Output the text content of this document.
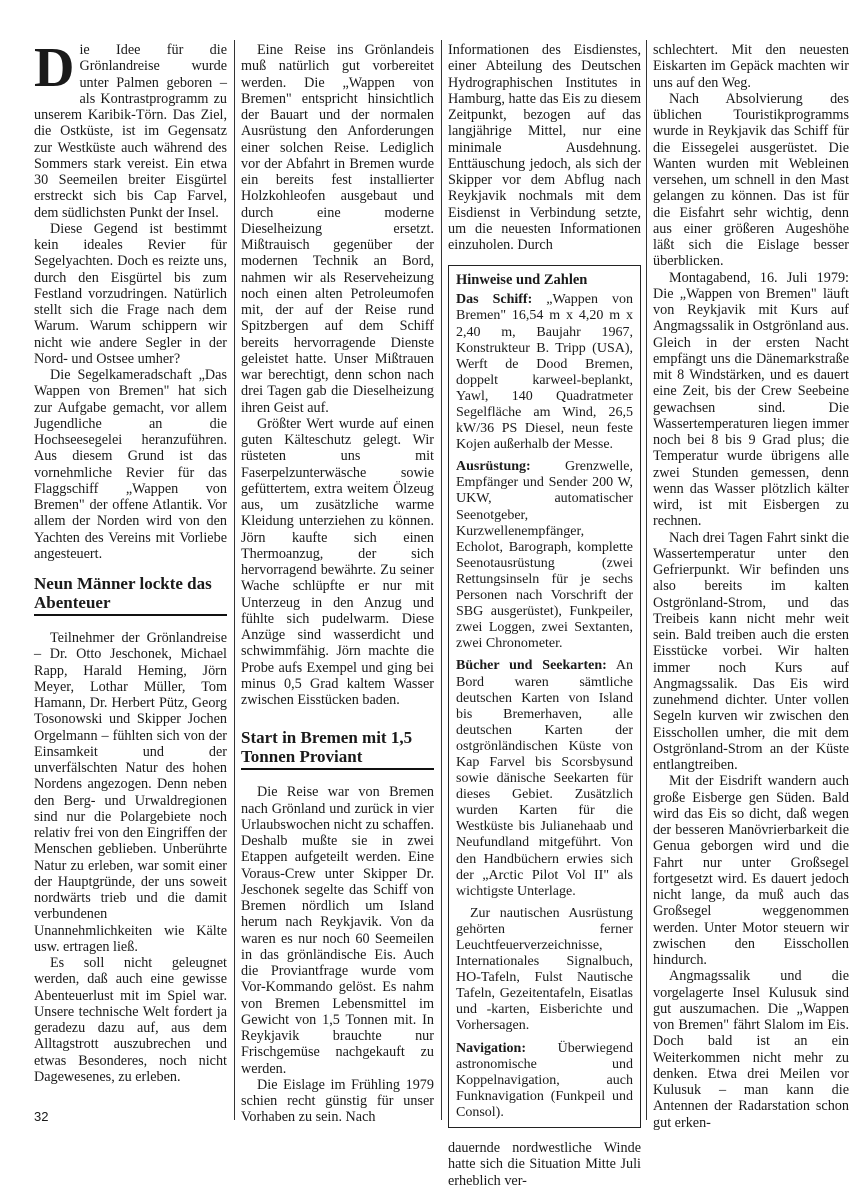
Die Idee für die Grönlandreise wurde unter Palmen geboren – als Kontrastprogramm zu unserem Karibik-Törn. Das Ziel, die Ostküste, ist im Gegensatz zur Westküste auch während des Sommers stark vereist. Ein etwa 30 Seemeilen breiter Eisgürtel erstreckt sich bis Cap Farvel, dem südlichsten Punkt der Insel.

Diese Gegend ist bestimmt kein ideales Revier für Segelyachten. Doch es reizte uns, durch den Eisgürtel bis zum Festland vorzudringen. Natürlich stellt sich die Frage nach dem Warum. Warum schippern wir nicht wie andere Segler in der Nord- und Ostsee umher?

Die Segelkameradschaft „Das Wappen von Bremen" hat sich zur Aufgabe gemacht, vor allem Jugendliche an die Hochseesegelei heranzuführen. Aus diesem Grund ist das vornehmliche Revier für das Flaggschiff „Wappen von Bremen" der offene Atlantik. Vor allem der Norden wird von den Yachten des Vereins mit Vorliebe angesteuert.

Neun Männer lockte das Abenteuer

Teilnehmer der Grönlandreise – Dr. Otto Jeschonek, Michael Rapp, Harald Heming, Jörn Meyer, Lothar Müller, Tom Hamann, Dr. Herbert Pütz, Georg Tosonowski und Skipper Jochen Orgelmann – fühlten sich von der Einsamkeit und der unverfälschten Natur des hohen Nordens angezogen. Denn neben den Berg- und Urwaldregionen sind nur die Polargebiete noch relativ frei von den Eingriffen der Menschen geblieben. Unberührte Natur zu erleben, war somit einer der Hauptgründe, der uns soweit nordwärts trieb und die damit verbundenen Unannehmlichkeiten wie Kälte usw. ertragen ließ.

Es soll nicht geleugnet werden, daß auch eine gewisse Abenteuerlust mit im Spiel war. Unsere technische Welt fordert ja geradezu dazu auf, aus dem Alltagstrott auszubrechen und etwas Besonderes, noch nicht Dagewesenes, zu erleben.

Eine Reise ins Grönlandeis muß natürlich gut vorbereitet werden. Die „Wappen von Bremen" entspricht hinsichtlich der Bauart und der normalen Ausrüstung den Anforderungen einer solchen Reise. Lediglich vor der Abfahrt in Bremen wurde ein bereits fest installierter Holzkohleofen ausgebaut und durch eine moderne Dieselheizung ersetzt. Mißtrauisch gegenüber der modernen Technik an Bord, nahmen wir als Reserveheizung noch einen alten Petroleumofen mit, der auf der Reise rund Spitzbergen auf dem Schiff bereits hervorragende Dienste geleistet hatte. Unser Mißtrauen war berechtigt, denn schon nach drei Tagen gab die Dieselheizung ihren Geist auf.

Größter Wert wurde auf einen guten Kälteschutz gelegt. Wir rüsteten uns mit Faserpelzunterwäsche sowie gefüttertem, extra weitem Ölzeug aus, um zusätzliche warme Kleidung unterziehen zu können. Jörn kaufte sich einen Thermoanzug, der sich hervorragend bewährte. Zu seiner Wache schlüpfte er nur mit Unterzeug in den Anzug und fühlte sich pudelwarm. Diese Anzüge sind wasserdicht und schwimmfähig. Jörn machte die Probe aufs Exempel und ging bei minus 0,5 Grad kaltem Wasser zwischen Eisstücken baden.

Start in Bremen mit 1,5 Tonnen Proviant

Die Reise war von Bremen nach Grönland und zurück in vier Urlaubswochen nicht zu schaffen. Deshalb mußte sie in zwei Etappen aufgeteilt werden. Eine Voraus-Crew unter Skipper Dr. Jeschonek segelte das Schiff von Bremen nördlich um Island herum nach Reykjavik. Von da waren es nur noch 60 Seemeilen in das grönländische Eis. Auch die Proviantfrage wurde vom Vor-Kommando gelöst. Es nahm von Bremen Lebensmittel im Gewicht von 1,5 Tonnen mit. In Reykjavik brauchte nur Frischgemüse nachgekauft zu werden.

Die Eislage im Frühling 1979 schien recht günstig für unser Vorhaben zu sein. Nach

Informationen des Eisdienstes, einer Abteilung des Deutschen Hydrographischen Institutes in Hamburg, hatte das Eis zu diesem Zeitpunkt, bezogen auf das langjährige Mittel, nur eine minimale Ausdehnung. Enttäuschung jedoch, als sich der Skipper vor dem Abflug nach Reykjavik nochmals mit dem Eisdienst in Verbindung setzte, um die neuesten Informationen einzuholen. Durch

Hinweise und Zahlen

Das Schiff: „Wappen von Bremen" 16,54 m x 4,20 m x 2,40 m, Baujahr 1967, Konstrukteur B. Tripp (USA), Werft de Dood Bremen, doppelt karweel-beplankt, Yawl, 140 Quadratmeter Segelfläche am Wind, 26,5 kW/36 PS Diesel, neun feste Kojen außerhalb der Messe.

Ausrüstung: Grenzwelle, Empfänger und Sender 200 W, UKW, automatischer Seenotgeber, Kurzwellenempfänger, Echolot, Barograph, komplette Seenotausrüstung (zwei Rettungsinseln für je sechs Personen nach Vorschrift der SBG ausgerüstet), Funkpeiler, zwei Loggen, zwei Sextanten, zwei Chronometer.

Bücher und Seekarten: An Bord waren sämtliche deutschen Karten von Island bis Bremerhaven, alle deutschen Karten der ostgrönländischen Küste von Kap Farvel bis Scorsbysund sowie dänische Seekarten für dieses Gebiet. Zusätzlich wurden Karten für die Westküste bis Julianehaab und Neufundland mitgeführt. Von den Handbüchern erwies sich der „Arctic Pilot Vol II" als wichtigste Unterlage.

Zur nautischen Ausrüstung gehörten ferner Leuchtfeuerverzeichnisse, Internationales Signalbuch, HO-Tafeln, Fulst Nautische Tafeln, Gezeitentafeln, Eisatlas und -karten, Eisberichte und Vorhersagen.

Navigation: Überwiegend astronomische und Koppelnavigation, auch Funknavigation (Funkpeil und Consol).

dauernde nordwestliche Winde hatte sich die Situation Mitte Juli erheblich ver-

schlechtert. Mit den neuesten Eiskarten im Gepäck machten wir uns auf den Weg.

Nach Absolvierung des üblichen Touristikprogramms wurde in Reykjavik das Schiff für die Eissegelei ausgerüstet. Die Wanten wurden mit Webleinen versehen, um schnell in den Mast gelangen zu können. Das ist für die Eisfahrt sehr wichtig, denn aus einer größeren Augeshöhe läßt sich die Eislage besser überblicken.

Montagabend, 16. Juli 1979: Die „Wappen von Bremen" läuft von Reykjavik mit Kurs auf Angmagssalik in Ostgrönland aus. Gleich in der ersten Nacht empfängt uns die Dänemarkstraße mit 8 Windstärken, und es dauert eine Zeit, bis der Crew Seebeine gewachsen sind. Die Wassertemperaturen liegen immer noch bei 8 bis 9 Grad plus; die Temperatur wurde übrigens alle zwei Stunden gemessen, denn wenn das Wasser plötzlich kälter wird, ist mit Eisbergen zu rechnen.

Nach drei Tagen Fahrt sinkt die Wassertemperatur unter den Gefrierpunkt. Wir befinden uns also bereits im kalten Ostgrönland-Strom, und das Treibeis kann nicht mehr weit sein. Bald treiben auch die ersten Eisstücke vorbei. Wir halten immer noch Kurs auf Angmagssalik. Das Eis wird zunehmend dichter. Unter vollen Segeln kurven wir zwischen den Eisschollen umher, die mit dem Ostgrönland-Strom an der Küste entlangtreiben.

Mit der Eisdrift wandern auch große Eisberge gen Süden. Bald wird das Eis so dicht, daß wegen der besseren Manövrierbarkeit die Genua geborgen wird und die Fahrt nur unter Großsegel fortgesetzt wird. Es dauert jedoch nicht lange, da muß auch das Großsegel weggenommen werden. Unter Motor steuern wir zwischen den Eisschollen hindurch.

Angmagssalik und die vorgelagerte Insel Kulusuk sind gut auszumachen. Die „Wappen von Bremen" fährt Slalom im Eis. Doch bald ist an ein Weiterkommen nicht mehr zu denken. Etwa drei Meilen vor Kulusuk – man kann die Antennen der Radarstation schon gut erken-

32
